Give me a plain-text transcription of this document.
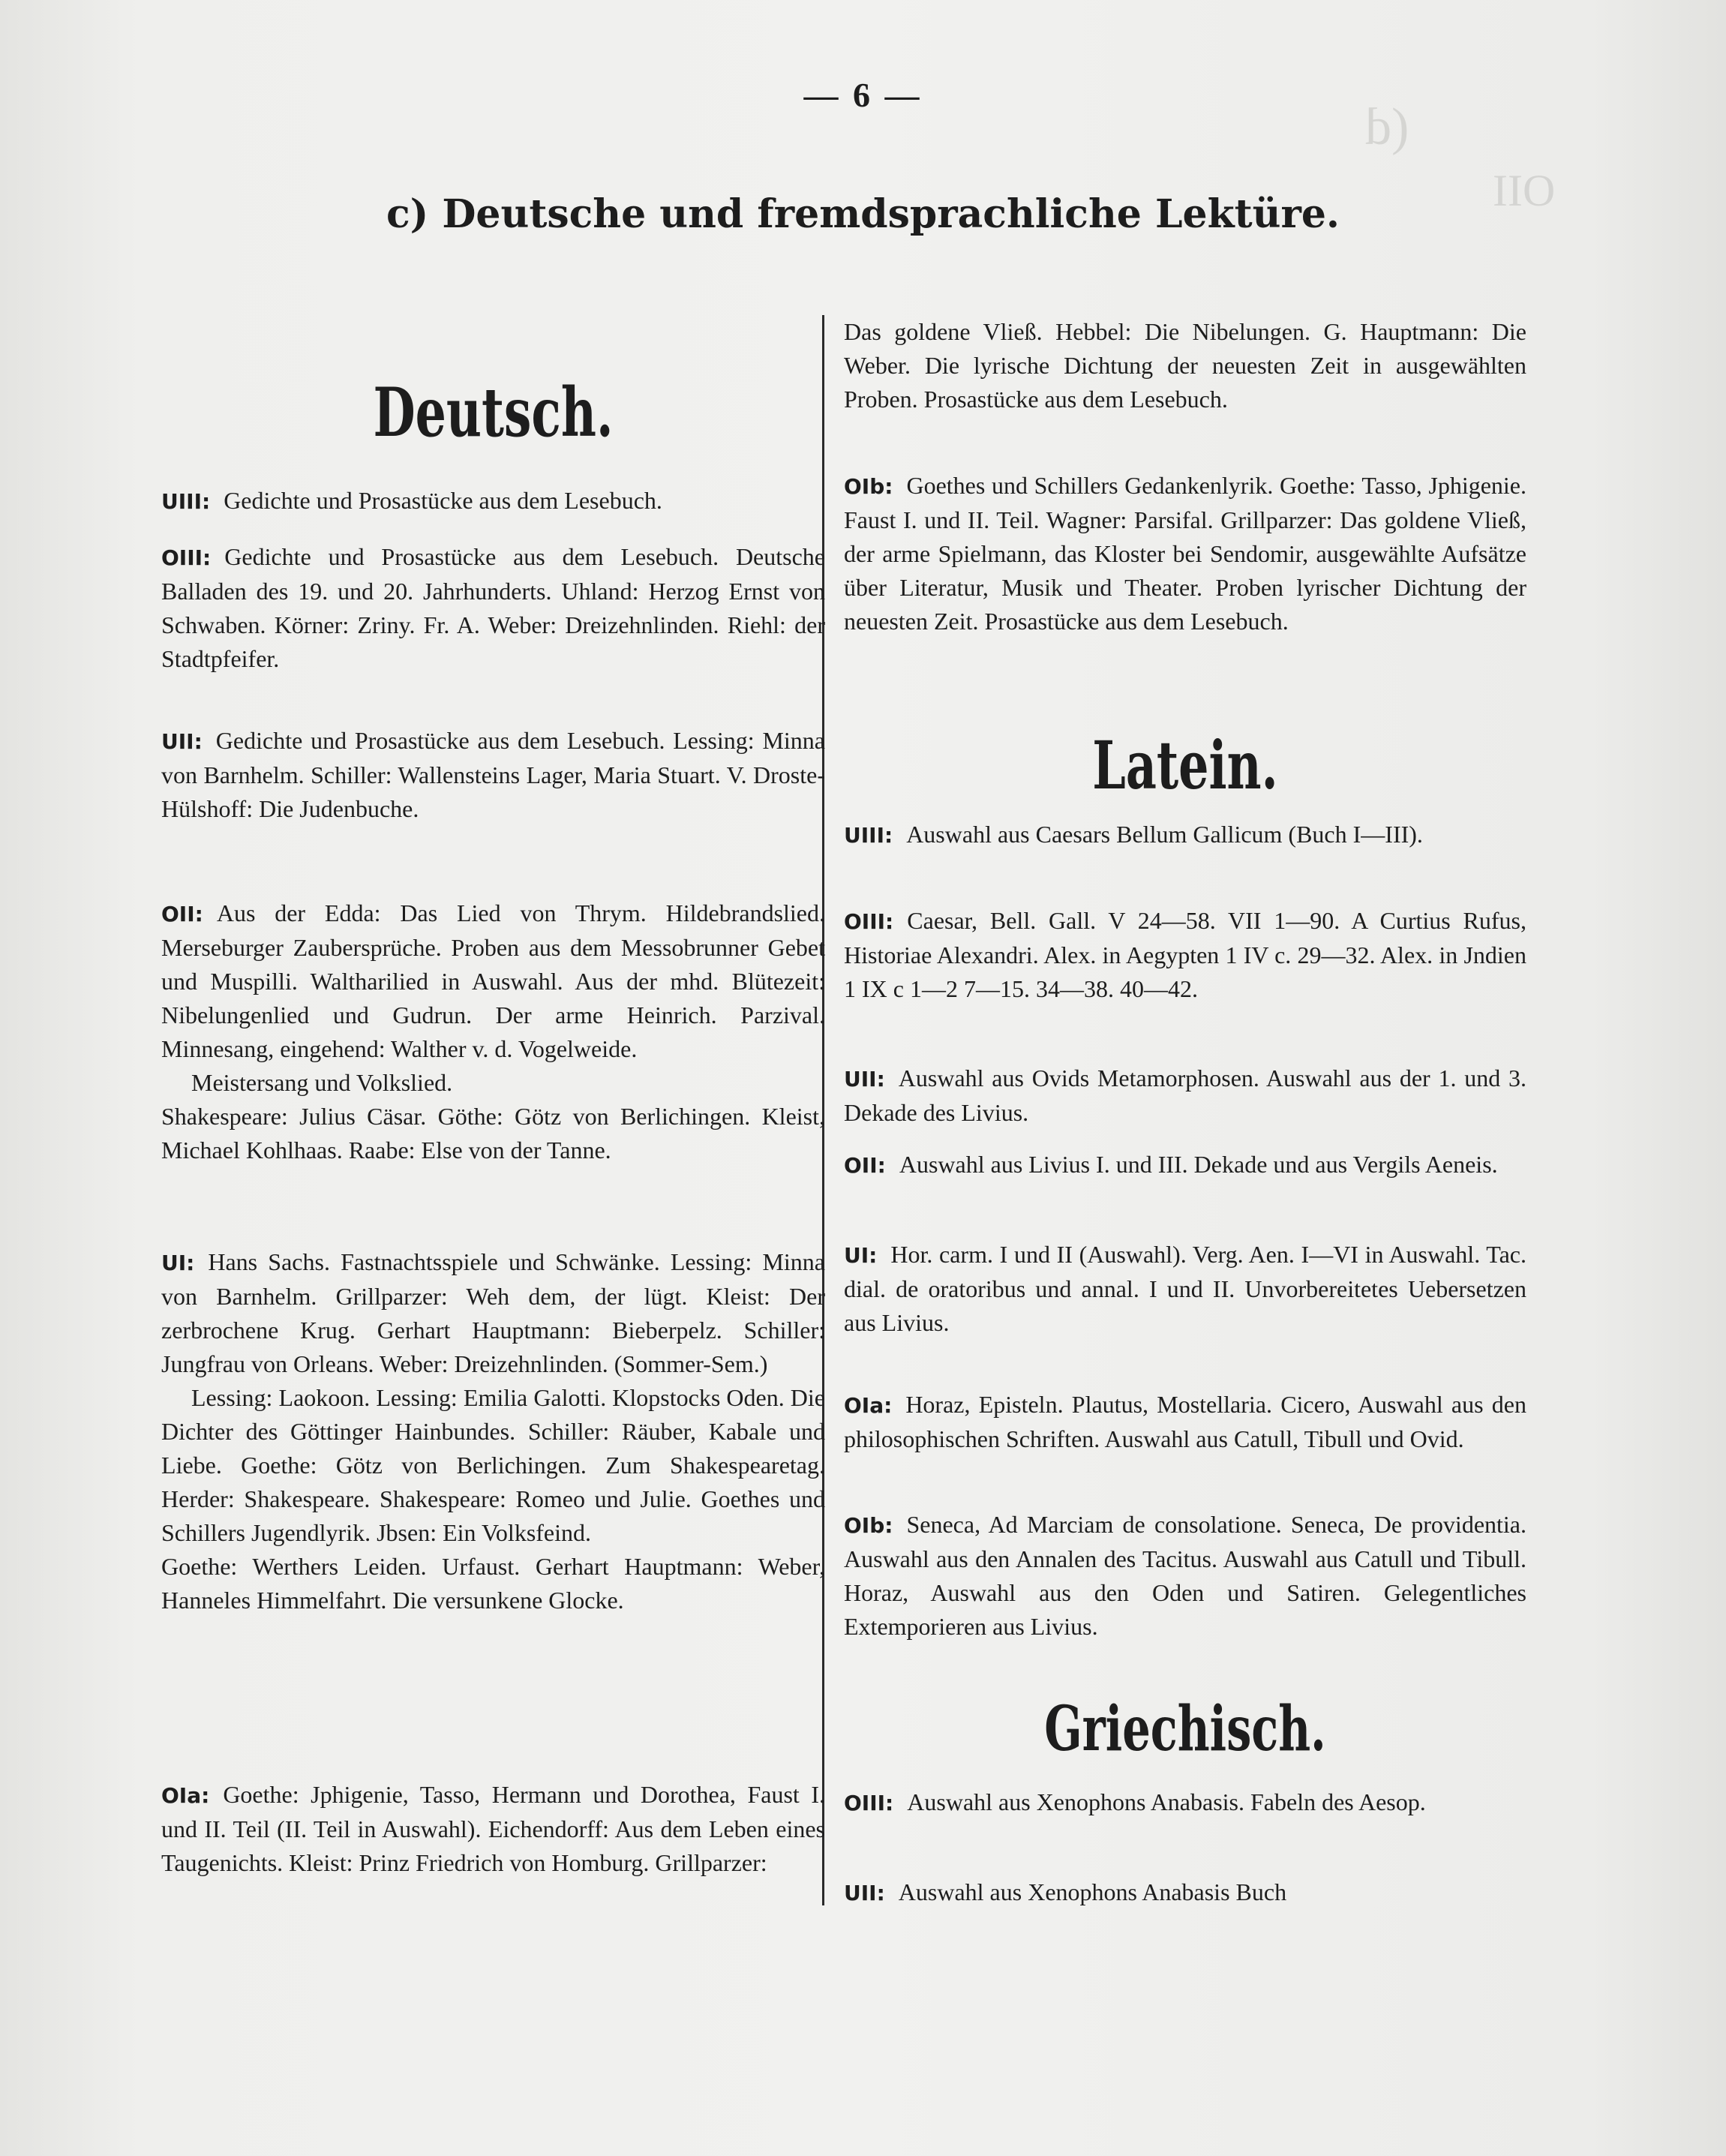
(d
OII
— 6 —
c) Deutsche und fremdsprachliche Lektüre.
Deutsch.

UIII: Gedichte und Prosastücke aus dem Lesebuch.

OIII: Gedichte und Prosastücke aus dem Lesebuch. Deutsche Balladen des 19. und 20. Jahrhunderts. Uhland: Herzog Ernst von Schwaben. Körner: Zriny. Fr. A. Weber: Dreizehnlinden. Riehl: der Stadtpfeifer.

UII: Gedichte und Prosastücke aus dem Lesebuch. Lessing: Minna von Barnhelm. Schiller: Wallensteins Lager, Maria Stuart. V. Droste-Hülshoff: Die Judenbuche.

OII: Aus der Edda: Das Lied von Thrym. Hildebrandslied. Merseburger Zaubersprüche. Proben aus dem Messobrunner Gebet und Muspilli. Waltharilied in Auswahl. Aus der mhd. Blütezeit: Nibelungenlied und Gudrun. Der arme Heinrich. Parzival. Minnesang, eingehend: Walther v. d. Vogelweide.

Meistersang und Volkslied.

Shakespeare: Julius Cäsar. Göthe: Götz von Berlichingen. Kleist, Michael Kohlhaas. Raabe: Else von der Tanne.

UI: Hans Sachs. Fastnachtsspiele und Schwänke. Lessing: Minna von Barnhelm. Grillparzer: Weh dem, der lügt. Kleist: Der zerbrochene Krug. Gerhart Hauptmann: Bieberpelz. Schiller: Jungfrau von Orleans. Weber: Dreizehnlinden. (Sommer-Sem.)

Lessing: Laokoon. Lessing: Emilia Galotti. Klopstocks Oden. Die Dichter des Göttinger Hainbundes. Schiller: Räuber, Kabale und Liebe. Goethe: Götz von Berlichingen. Zum Shakespearetag. Herder: Shakespeare. Shakespeare: Romeo und Julie. Goethes und Schillers Jugendlyrik. Jbsen: Ein Volksfeind.

Goethe: Werthers Leiden. Urfaust. Gerhart Hauptmann: Weber, Hanneles Himmelfahrt. Die versunkene Glocke.

OIa: Goethe: Jphigenie, Tasso, Hermann und Dorothea, Faust I. und II. Teil (II. Teil in Auswahl). Eichendorff: Aus dem Leben eines Taugenichts. Kleist: Prinz Friedrich von Homburg. Grillparzer:

Das goldene Vließ. Hebbel: Die Nibelungen. G. Hauptmann: Die Weber. Die lyrische Dichtung der neuesten Zeit in ausgewählten Proben. Prosastücke aus dem Lesebuch.

OIb: Goethes und Schillers Gedankenlyrik. Goethe: Tasso, Jphigenie. Faust I. und II. Teil. Wagner: Parsifal. Grillparzer: Das goldene Vließ, der arme Spielmann, das Kloster bei Sendomir, ausgewählte Aufsätze über Literatur, Musik und Theater. Proben lyrischer Dichtung der neuesten Zeit. Prosastücke aus dem Lesebuch.

Latein.

UIII: Auswahl aus Caesars Bellum Gallicum (Buch I—III).

OIII: Caesar, Bell. Gall. V 24—58. VII 1—90. A Curtius Rufus, Historiae Alexandri. Alex. in Aegypten 1 IV c. 29—32. Alex. in Jndien 1 IX c 1—2 7—15. 34—38. 40—42.

UII: Auswahl aus Ovids Metamorphosen. Auswahl aus der 1. und 3. Dekade des Livius.

OII: Auswahl aus Livius I. und III. Dekade und aus Vergils Aeneis.

UI: Hor. carm. I und II (Auswahl). Verg. Aen. I—VI in Auswahl. Tac. dial. de oratoribus und annal. I und II. Unvorbereitetes Uebersetzen aus Livius.

OIa: Horaz, Episteln. Plautus, Mostellaria. Cicero, Auswahl aus den philosophischen Schriften. Auswahl aus Catull, Tibull und Ovid.

OIb: Seneca, Ad Marciam de consolatione. Seneca, De providentia. Auswahl aus den Annalen des Tacitus. Auswahl aus Catull und Tibull. Horaz, Auswahl aus den Oden und Satiren. Gelegentliches Extemporieren aus Livius.

Griechisch.

OIII: Auswahl aus Xenophons Anabasis. Fabeln des Aesop.

UII: Auswahl aus Xenophons Anabasis Buch
